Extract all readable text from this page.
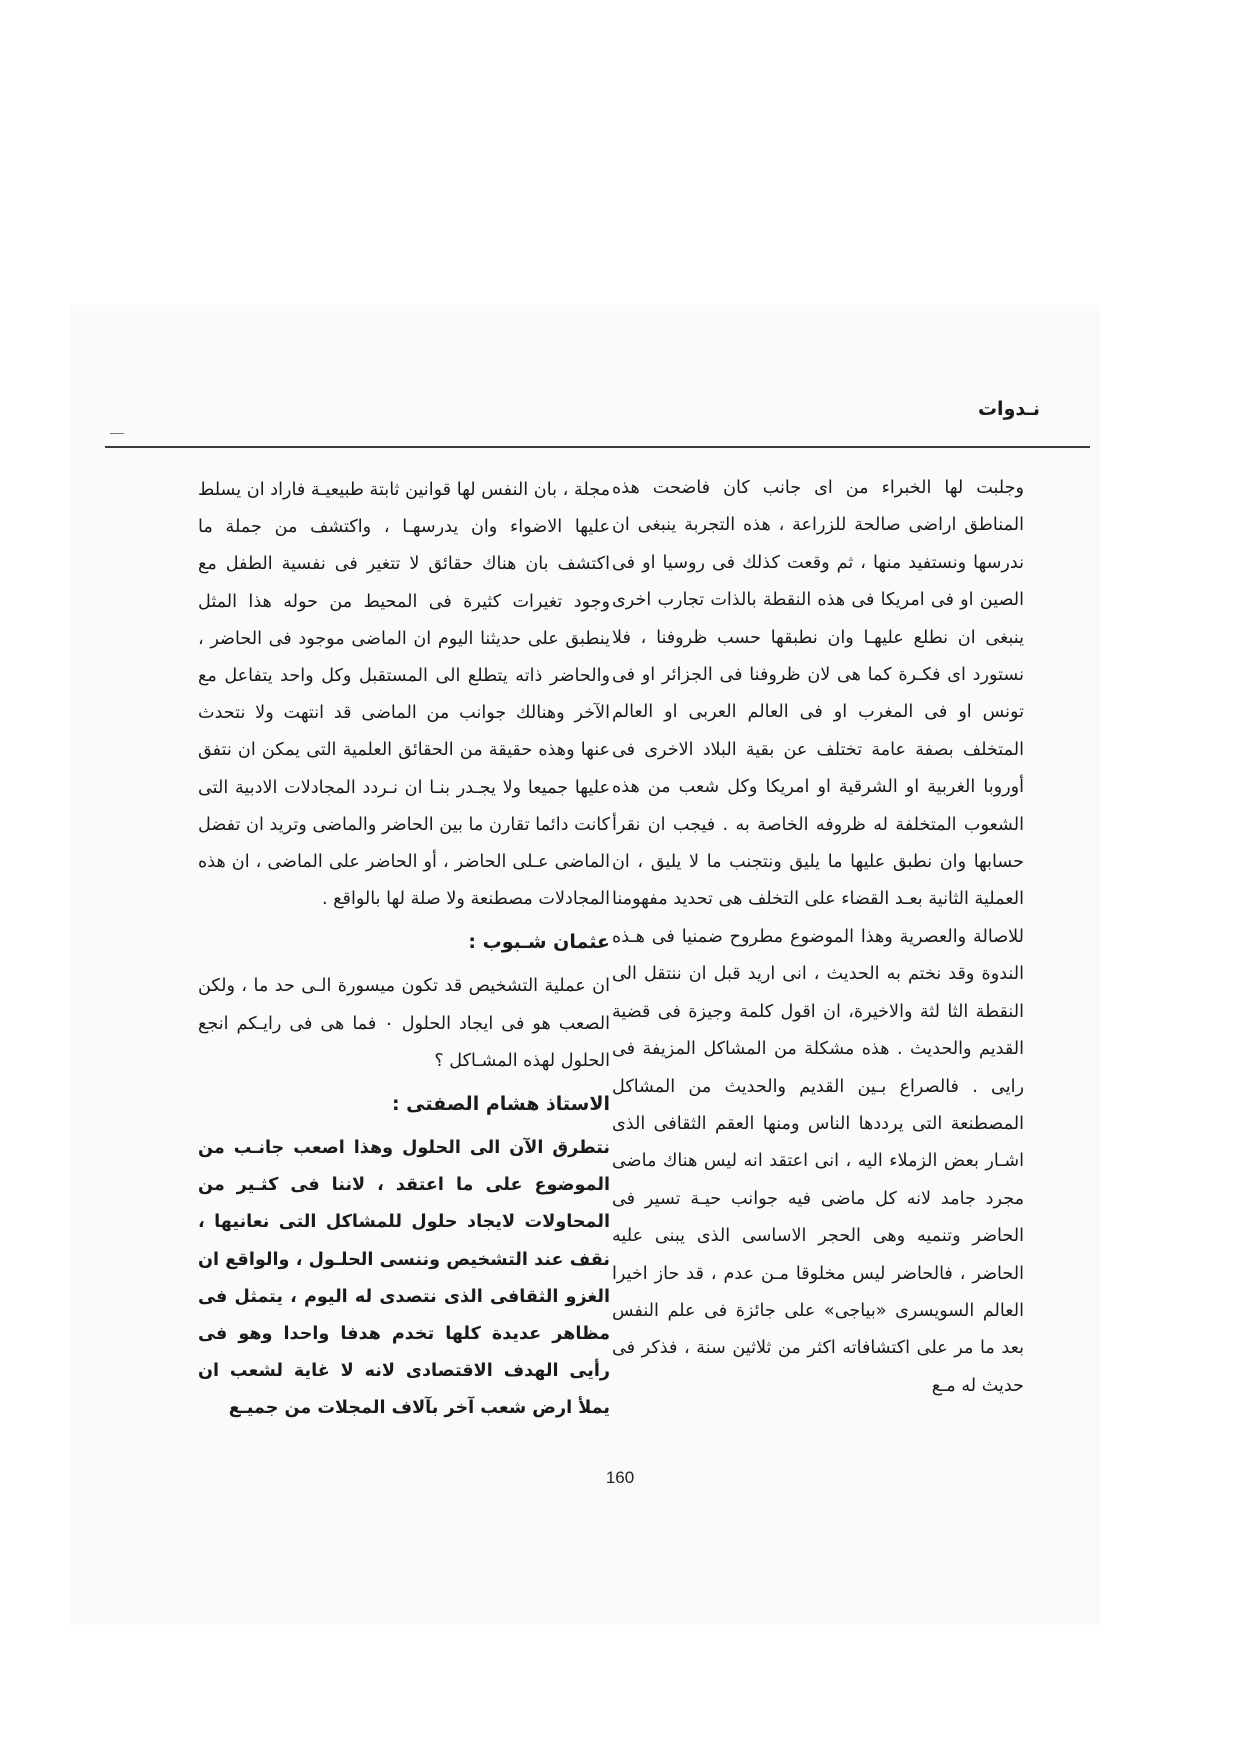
نـدوات

وجلبت لها الخبراء من اى جانب كان فاضحت هذه المناطق اراضى صالحة للزراعة ، هذه التجربة ينبغى ان ندرسها ونستفيد منها ، ثم وقعت كذلك فى روسيا او فى الصين او فى امريكا فى هذه النقطة بالذات تجارب اخرى ينبغى ان نطلع عليهـا وان نطبقها حسب ظروفنا ، فلا نستورد اى فكـرة كما هى لان ظروفنا فى الجزائر او فى تونس او فى المغرب او فى العالم العربى او العالم المتخلف بصفة عامة تختلف عن بقية البلاد الاخرى فى أوروبا الغربية او الشرقية او امريكا وكل شعب من هذه الشعوب المتخلفة له ظروفه الخاصة به . فيجب ان نقرأ حسابها وان نطبق عليها ما يليق ونتجنب ما لا يليق ، ان العملية الثانية بعـد القضاء على التخلف هى تحديد مفهومنا للاصالة والعصرية وهذا الموضوع مطروح ضمنيا فى هـذه الندوة وقد نختم به الحديث ، انى اريد قبل ان ننتقل الى النقطة الثا لثة والاخيرة، ان اقول كلمة وجيزة فى قضية القديم والحديث . هذه مشكلة من المشاكل المزيفة فى رايى . فالصراع بـين القديم والحديث من المشاكل المصطنعة التى يرددها الناس ومنها العقم الثقافى الذى اشـار بعض الزملاء اليه ، انى اعتقد انه ليس هناك ماضى مجرد جامد لانه كل ماضى فيه جوانب حيـة تسير فى الحاضر وتنميه وهى الحجر الاساسى الذى يبنى عليه الحاضر ، فالحاضر ليس مخلوقا مـن عدم ، قد حاز اخيرا العالم السويسرى «بياجى» على جائزة فى علم النفس بعد ما مر على اكتشافاته اكثر من ثلاثين سنة ، فذكر فى حديث له مـع

مجلة ، بان النفس لها قوانين ثابتة طبيعيـة فاراد ان يسلط عليها الاضواء وان يدرسهـا ، واكتشف من جملة ما اكتشف بان هناك حقائق لا تتغير فى نفسية الطفل مع وجود تغيرات كثيرة فى المحيط من حوله هذا المثل ينطبق على حديثنا اليوم ان الماضى موجود فى الحاضر ، والحاضر ذاته يتطلع الى المستقبل وكل واحد يتفاعل مع الآخر وهنالك جوانب من الماضى قد انتهت ولا نتحدث عنها وهذه حقيقة من الحقائق العلمية التى يمكن ان نتفق عليها جميعا ولا يجـدر بنـا ان نـردد المجادلات الادبية التى كانت دائما تقارن ما بين الحاضر والماضى وتريد ان تفضل الماضى عـلى الحاضر ، أو الحاضر على الماضى ، ان هذه المجادلات مصطنعة ولا صلة لها بالواقع .

عثمان شـبوب :

ان عملية التشخيص قد تكون ميسورة الـى حد ما ، ولكن الصعب هو فى ايجاد الحلول ٠ فما هى فى رايـكم انجع الحلول لهذه المشـاكل ؟

الاستاذ هشام الصفتى :

نتطرق الآن الى الحلول وهذا اصعب جانـب من الموضوع على ما اعتقد ، لاننا فى كثـير من المحاولات لايجاد حلول للمشاكل التى نعانيها ، نقف عند التشخيص وننسى الحلـول ، والواقع ان الغزو الثقافى الذى نتصدى له اليوم ، يتمثل فى مظاهر عديدة كلها تخدم هدفا واحدا وهو فى رأيى الهدف الاقتصادى لانه لا غاية لشعب ان يملأ ارض شعب آخر بآلاف المجلات من جميـع

160
